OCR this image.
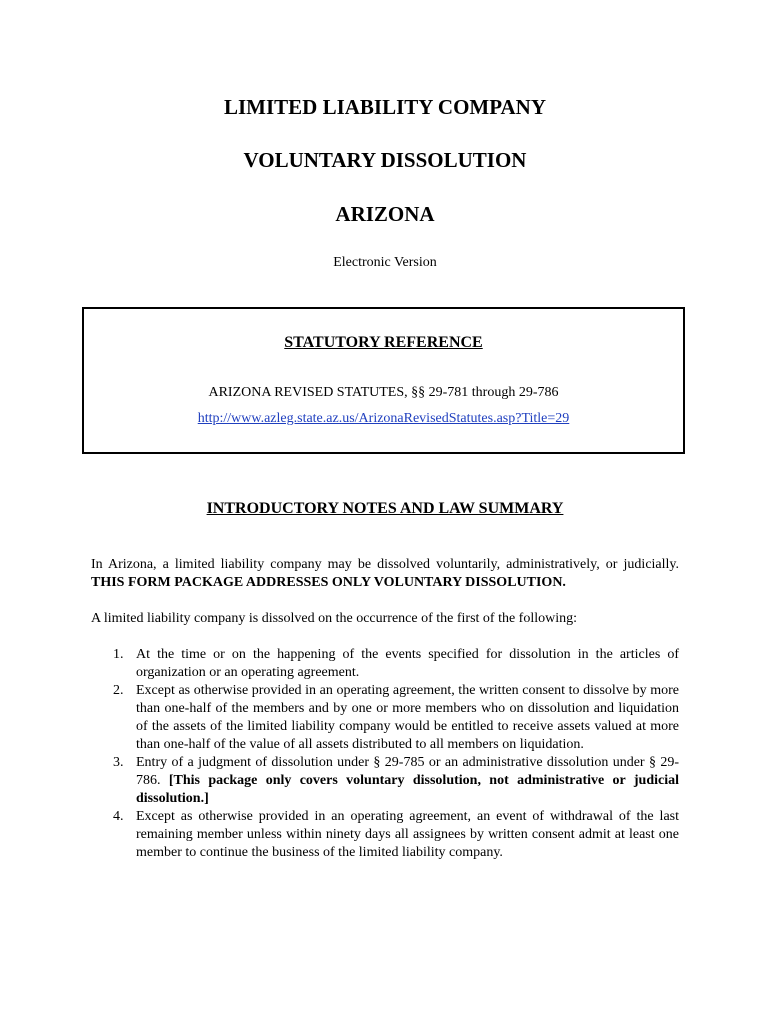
LIMITED LIABILITY COMPANY
VOLUNTARY DISSOLUTION
ARIZONA
Electronic Version
STATUTORY REFERENCE
ARIZONA REVISED STATUTES, §§ 29-781 through 29-786
http://www.azleg.state.az.us/ArizonaRevisedStatutes.asp?Title=29
INTRODUCTORY NOTES AND LAW SUMMARY

In Arizona, a limited liability company may be dissolved voluntarily, administratively, or judicially. THIS FORM PACKAGE ADDRESSES ONLY VOLUNTARY DISSOLUTION.

A limited liability company is dissolved on the occurrence of the first of the following:

1. At the time or on the happening of the events specified for dissolution in the articles of organization or an operating agreement.
2. Except as otherwise provided in an operating agreement, the written consent to dissolve by more than one-half of the members and by one or more members who on dissolution and liquidation of the assets of the limited liability company would be entitled to receive assets valued at more than one-half of the value of all assets distributed to all members on liquidation.
3. Entry of a judgment of dissolution under § 29-785 or an administrative dissolution under § 29-786. [This package only covers voluntary dissolution, not administrative or judicial dissolution.]
4. Except as otherwise provided in an operating agreement, an event of withdrawal of the last remaining member unless within ninety days all assignees by written consent admit at least one member to continue the business of the limited liability company.
